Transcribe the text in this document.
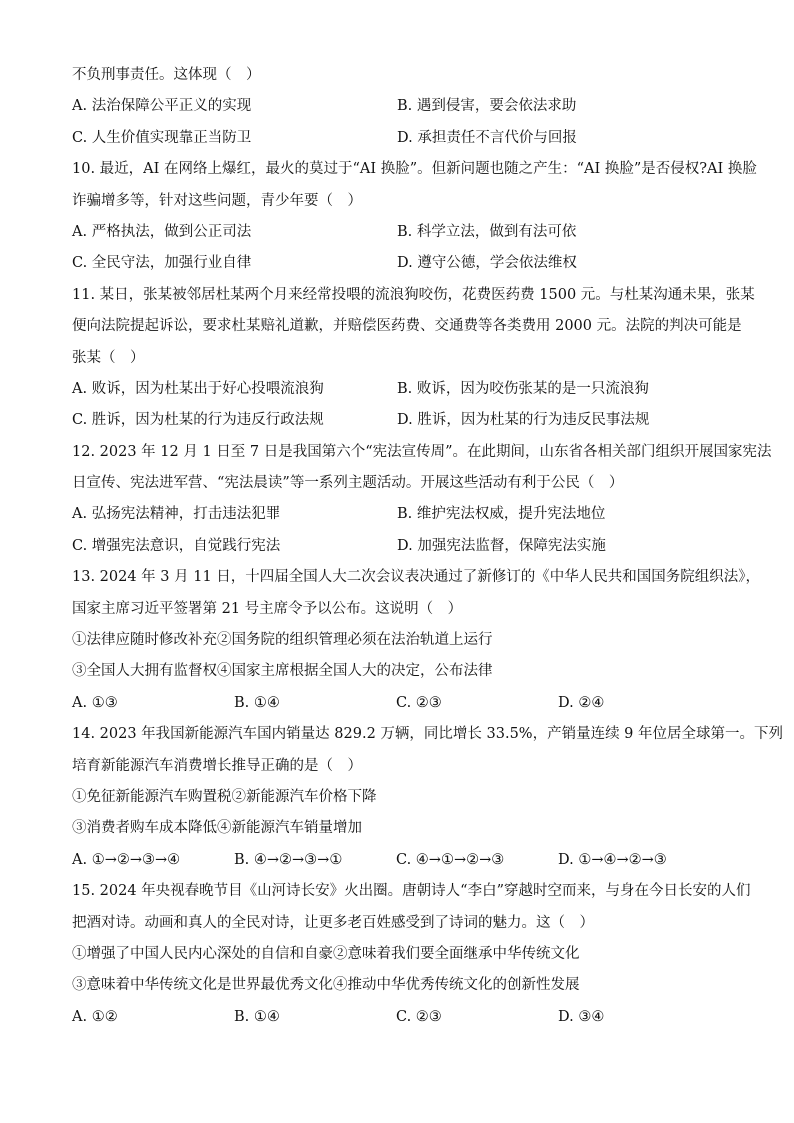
不负刑事责任。这体现（　）
A. 法治保障公平正义的实现	B. 遇到侵害，要会依法求助
C. 人生价值实现靠正当防卫	D. 承担责任不言代价与回报
10. 最近，AI 在网络上爆红，最火的莫过于“AI 换脸”。但新问题也随之产生：“AI 换脸”是否侵权?AI 换脸
诈骗增多等，针对这些问题，青少年要（　）
A. 严格执法，做到公正司法	B. 科学立法，做到有法可依
C. 全民守法，加强行业自律	D. 遵守公德，学会依法维权
11. 某日，张某被邻居杜某两个月来经常投喂的流浪狗咬伤，花费医药费 1500 元。与杜某沟通未果，张某
便向法院提起诉讼，要求杜某赔礼道歉，并赔偿医药费、交通费等各类费用 2000 元。法院的判决可能是
张某（　）
A. 败诉，因为杜某出于好心投喂流浪狗	B. 败诉，因为咬伤张某的是一只流浪狗
C. 胜诉，因为杜某的行为违反行政法规	D. 胜诉，因为杜某的行为违反民事法规
12. 2023 年 12 月 1 日至 7 日是我国第六个“宪法宣传周”。在此期间，山东省各相关部门组织开展国家宪法
日宣传、宪法进军营、“宪法晨读”等一系列主题活动。开展这些活动有利于公民（　）
A. 弘扬宪法精神，打击违法犯罪	B. 维护宪法权威，提升宪法地位
C. 增强宪法意识，自觉践行宪法	D. 加强宪法监督，保障宪法实施
13. 2024 年 3 月 11 日，十四届全国人大二次会议表决通过了新修订的《中华人民共和国国务院组织法》，
国家主席习近平签署第 21 号主席令予以公布。这说明（　）
①法律应随时修改补充②国务院的组织管理必须在法治轨道上运行
③全国人大拥有监督权④国家主席根据全国人大的决定，公布法律
A. ①③	B. ①④	C. ②③	D. ②④
14. 2023 年我国新能源汽车国内销量达 829.2 万辆，同比增长 33.5%，产销量连续 9 年位居全球第一。下列
培育新能源汽车消费增长推导正确的是（　）
①免征新能源汽车购置税②新能源汽车价格下降
③消费者购车成本降低④新能源汽车销量增加
A. ①→②→③→④	B. ④→②→③→①	C. ④→①→②→③	D. ①→④→②→③
15. 2024 年央视春晚节目《山河诗长安》火出圈。唐朝诗人“李白”穿越时空而来，与身在今日长安的人们
把酒对诗。动画和真人的全民对诗，让更多老百姓感受到了诗词的魅力。这（　）
①增强了中国人民内心深处的自信和自豪②意味着我们要全面继承中华传统文化
③意味着中华传统文化是世界最优秀文化④推动中华优秀传统文化的创新性发展
A. ①②	B. ①④	C. ②③	D. ③④
